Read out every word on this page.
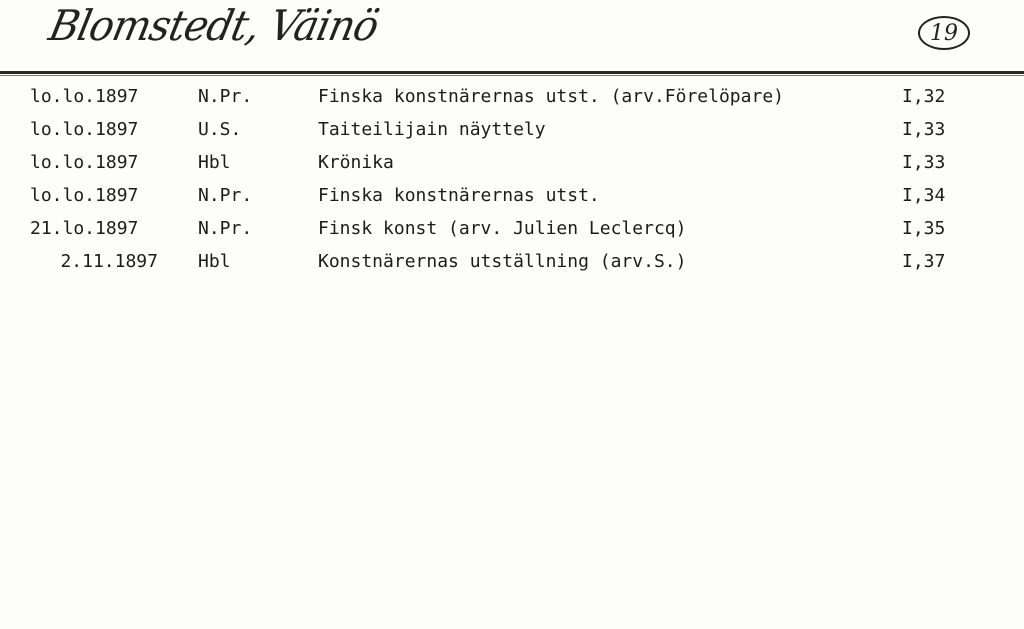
Blomstedt, Väinö	19
lo.lo.1897	N.Pr.	Finska konstnärernas utst. (arv.Förelöpare)	I,32
lo.lo.1897	U.S.	Taiteilijain näyttely	I,33
lo.lo.1897	Hbl	Krönika	I,33
lo.lo.1897	N.Pr.	Finska konstnärernas utst.	I,34
21.lo.1897	N.Pr.	Finsk konst (arv. Julien Leclercq)	I,35
2.11.1897 Hbl	Konstnärernas utställning (arv.S.)	I,37
